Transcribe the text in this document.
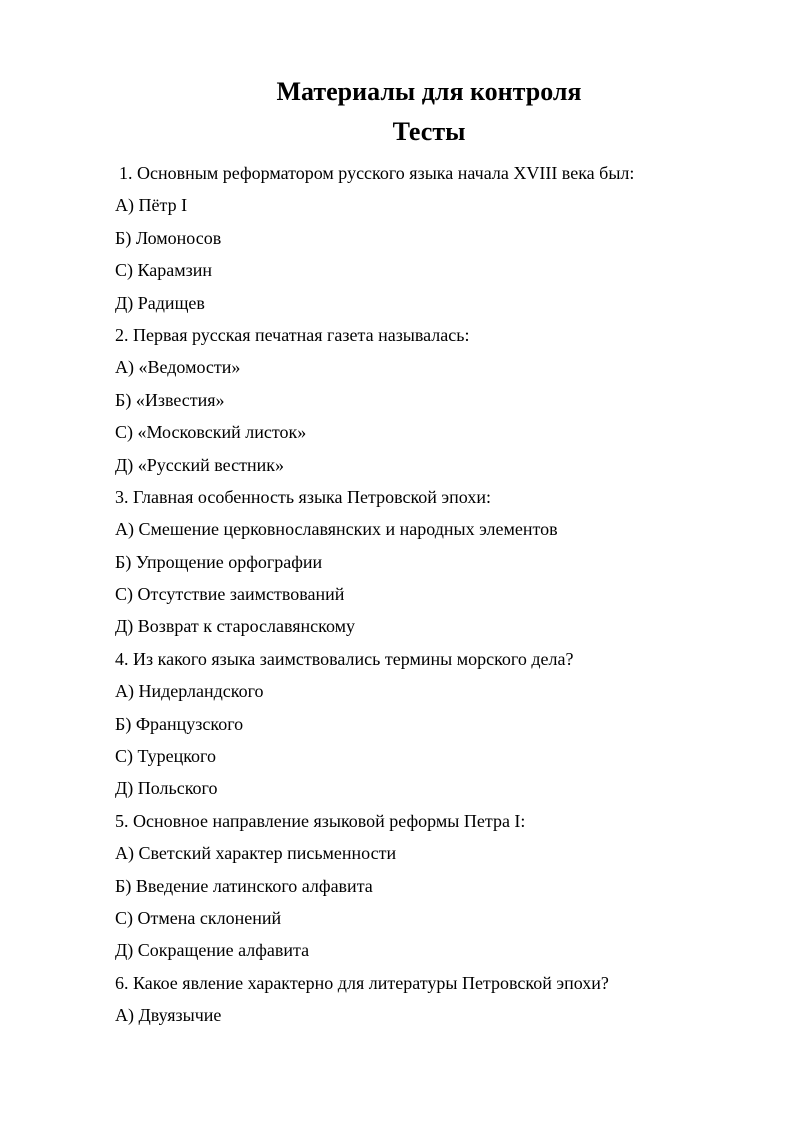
Материалы для контроля
Тесты
1. Основным реформатором русского языка начала XVIII века был:
А) Пётр I
Б) Ломоносов
С) Карамзин
Д) Радищев
2. Первая русская печатная газета называлась:
А) «Ведомости»
Б) «Известия»
С) «Московский листок»
Д) «Русский вестник»
3. Главная особенность языка Петровской эпохи:
А) Смешение церковнославянских и народных элементов
Б) Упрощение орфографии
С) Отсутствие заимствований
Д) Возврат к старославянскому
4. Из какого языка заимствовались термины морского дела?
А) Нидерландского
Б) Французского
С) Турецкого
Д) Польского
5. Основное направление языковой реформы Петра I:
А) Светский характер письменности
Б) Введение латинского алфавита
С) Отмена склонений
Д) Сокращение алфавита
6. Какое явление характерно для литературы Петровской эпохи?
А) Двуязычие
